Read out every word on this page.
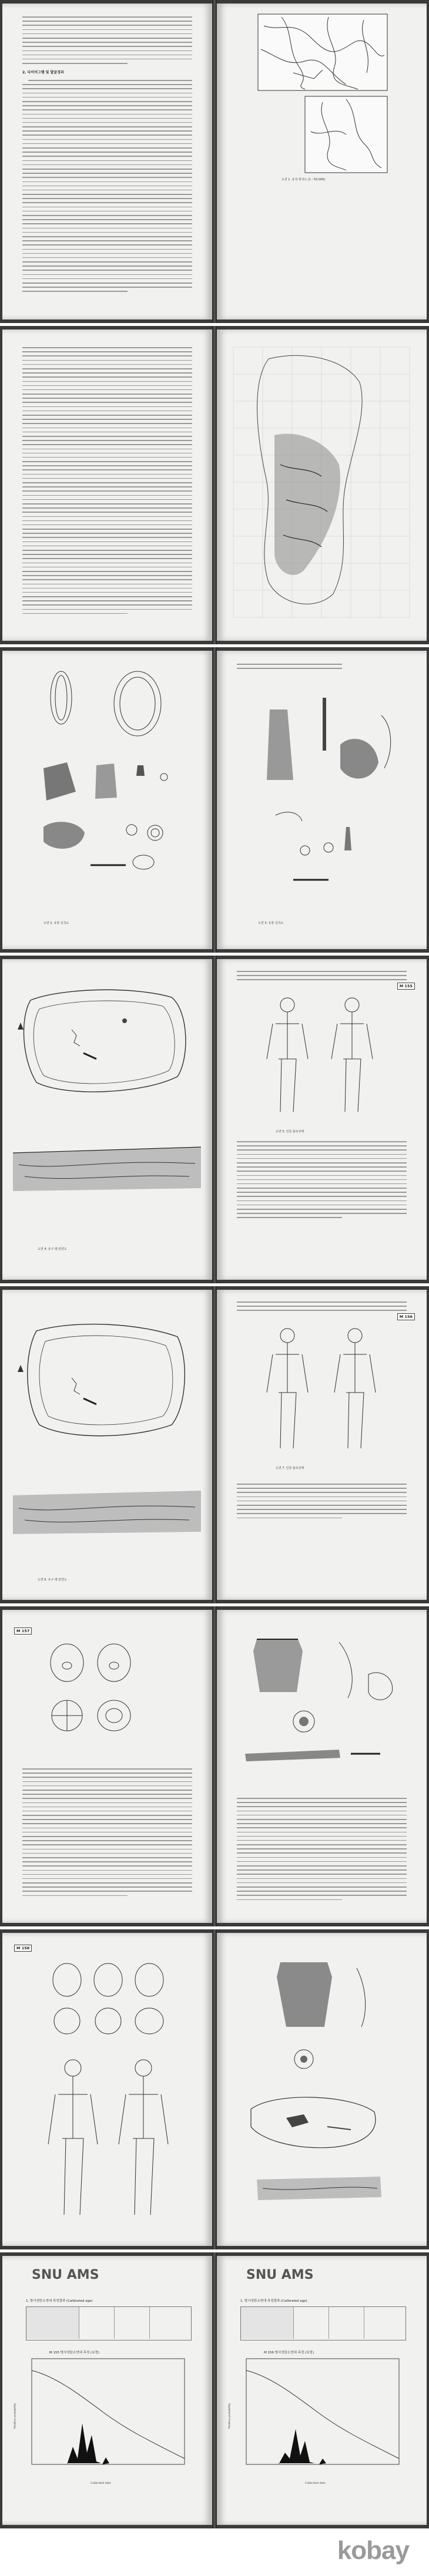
2. 다이어그램 및 발굴경과
도면 1. 유적 위치도 (1 : 50,000)
도면 2. 유물 실측도	도면 3. 유물 실측도
도면 4. 유구 평·단면도
M 155
도면 5. 인골 출토상태
도면 6. 유구 평·단면도
M 156
도면 7. 인골 출토상태
M 157
M 158
SNU AMS
1. 방사성탄소연대 측정결과 (Calibrated age)
M 155 방사성탄소연대 측정 (보정)
Calibrated date
Relative probability
SNU AMS
1. 방사성탄소연대 측정결과 (Calibrated age)
M 156 방사성탄소연대 측정 (보정)
Calibrated date
Relative probability
kobay
